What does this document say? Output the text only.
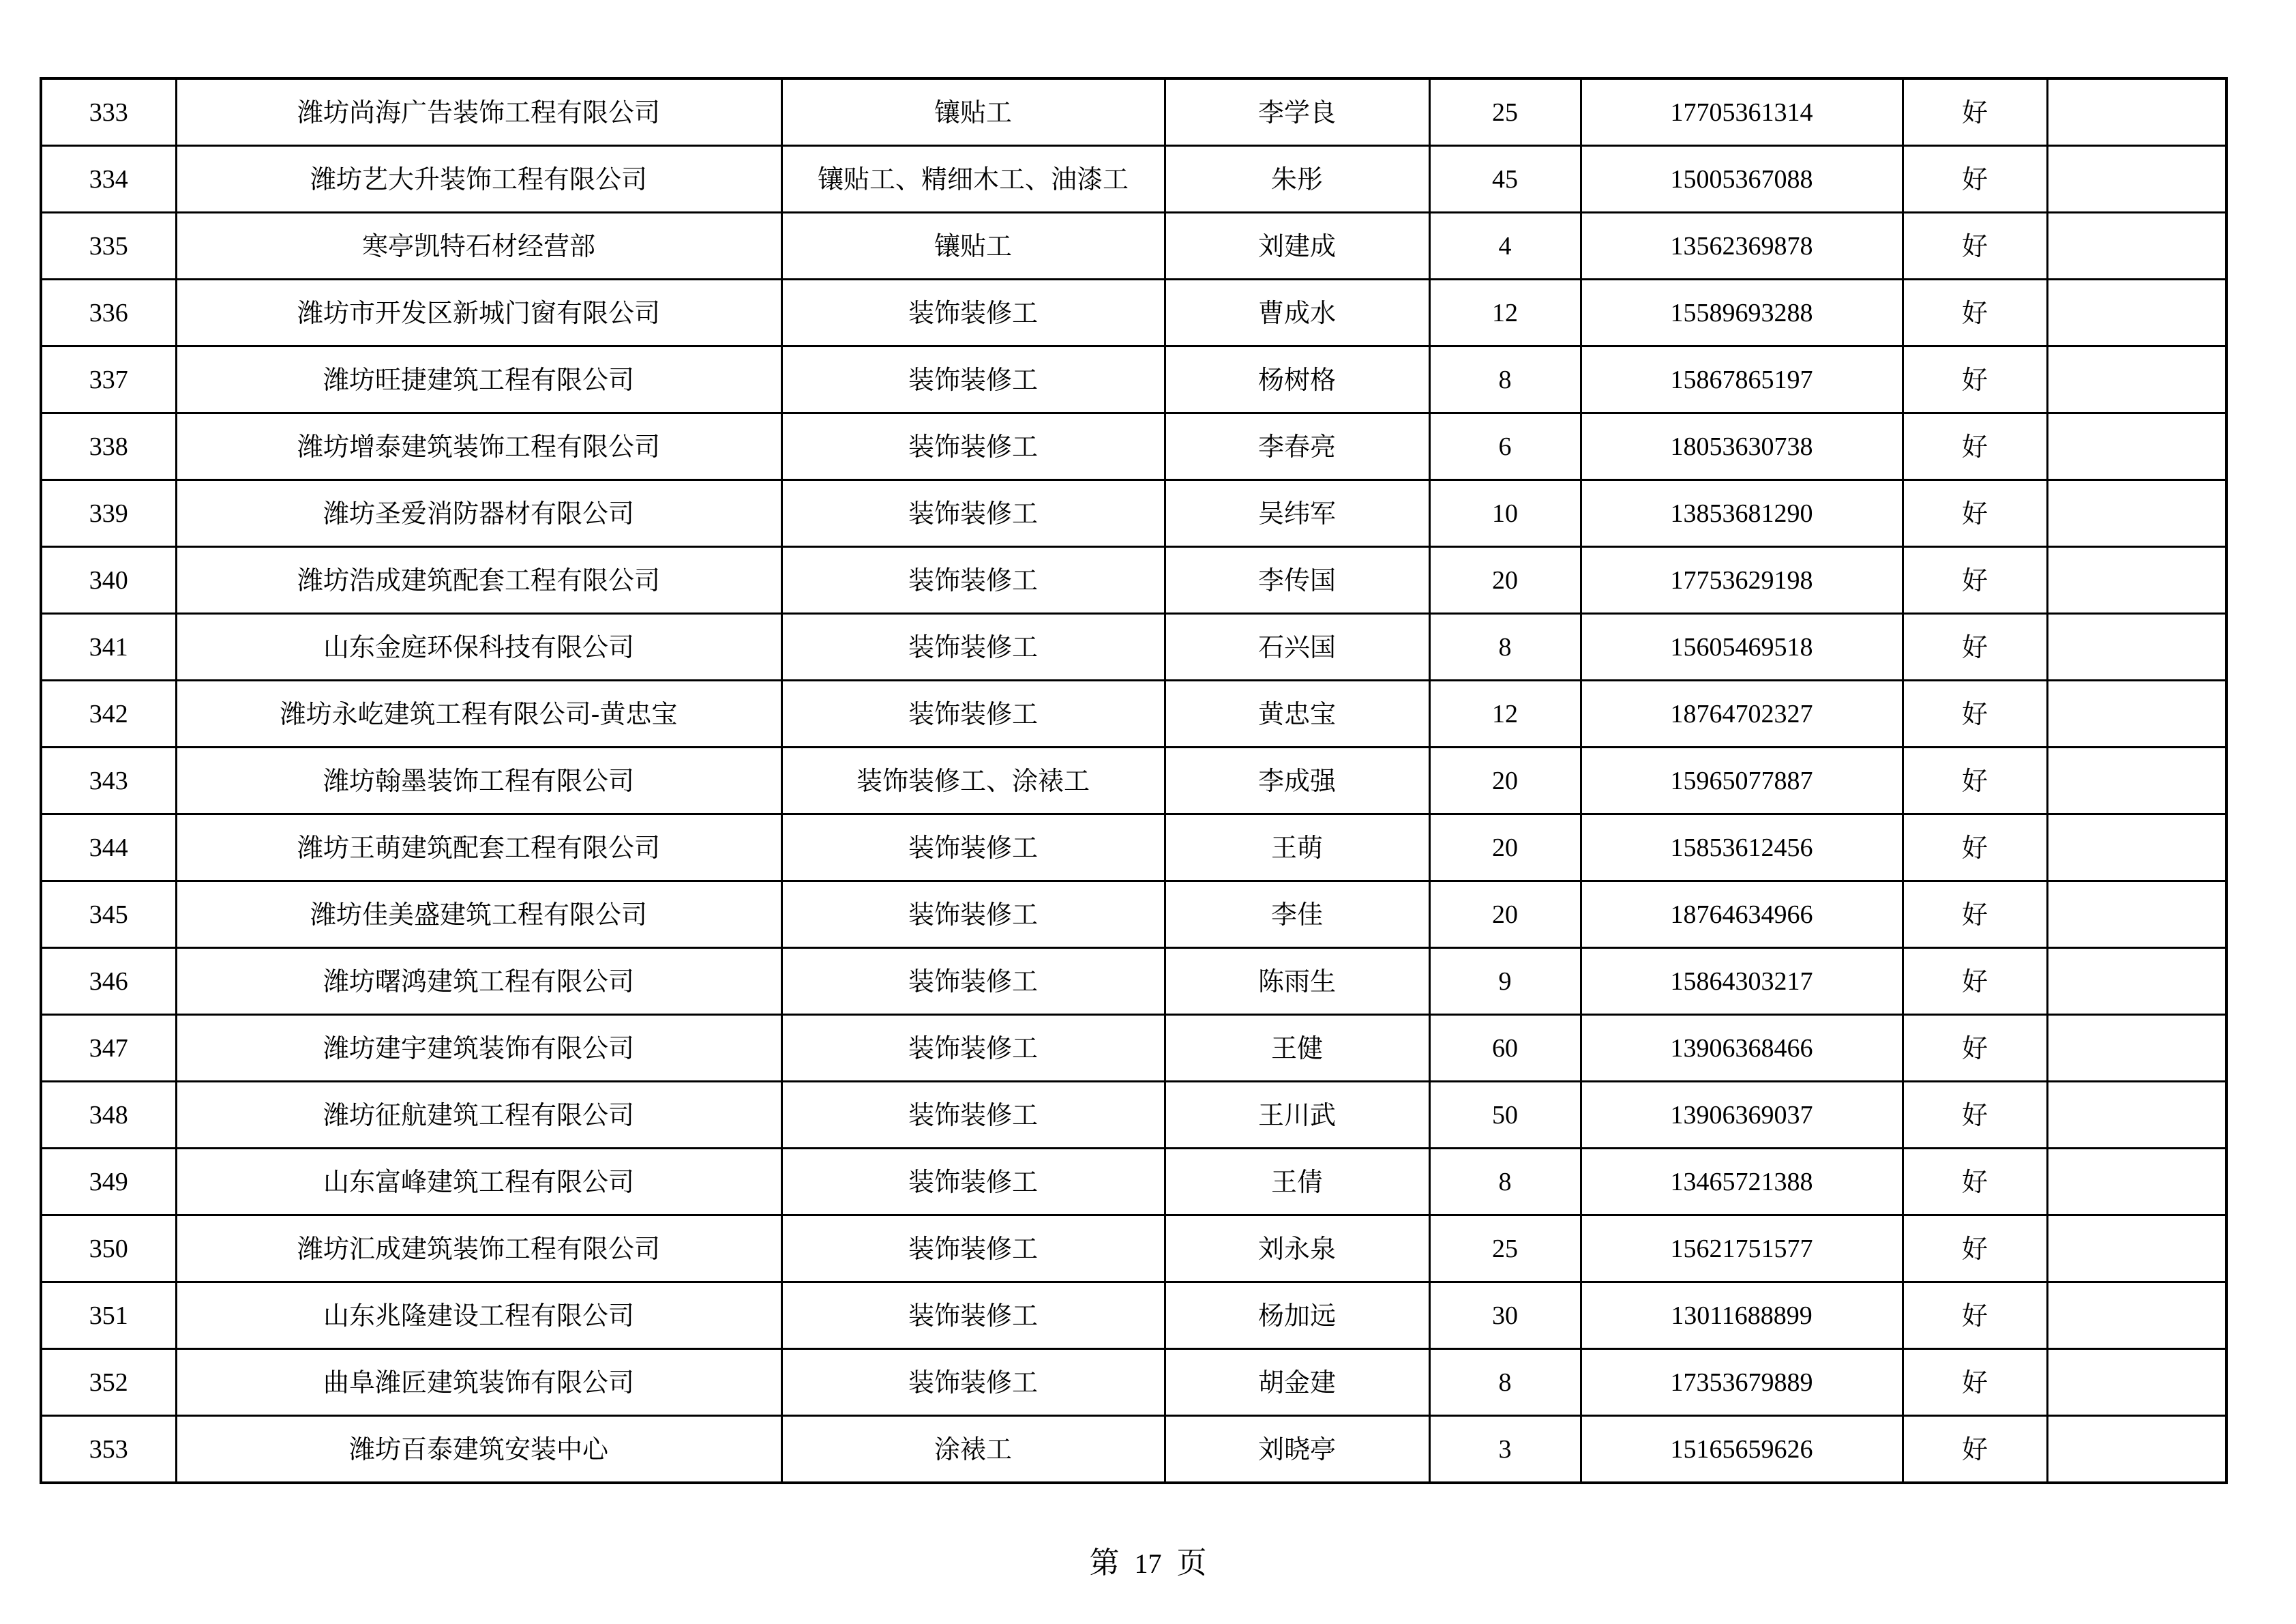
333	潍坊尚海广告装饰工程有限公司	镶贴工	李学良	25	17705361314	好	
334	潍坊艺大升装饰工程有限公司	镶贴工、精细木工、油漆工	朱彤	45	15005367088	好	
335	寒亭凯特石材经营部	镶贴工	刘建成	4	13562369878	好	
336	潍坊市开发区新城门窗有限公司	装饰装修工	曹成水	12	15589693288	好	
337	潍坊旺捷建筑工程有限公司	装饰装修工	杨树格	8	15867865197	好	
338	潍坊增泰建筑装饰工程有限公司	装饰装修工	李春亮	6	18053630738	好	
339	潍坊圣爱消防器材有限公司	装饰装修工	吴纬军	10	13853681290	好	
340	潍坊浩成建筑配套工程有限公司	装饰装修工	李传国	20	17753629198	好	
341	山东金庭环保科技有限公司	装饰装修工	石兴国	8	15605469518	好	
342	潍坊永屹建筑工程有限公司-黄忠宝	装饰装修工	黄忠宝	12	18764702327	好	
343	潍坊翰墨装饰工程有限公司	装饰装修工、涂裱工	李成强	20	15965077887	好	
344	潍坊王萌建筑配套工程有限公司	装饰装修工	王萌	20	15853612456	好	
345	潍坊佳美盛建筑工程有限公司	装饰装修工	李佳	20	18764634966	好	
346	潍坊曙鸿建筑工程有限公司	装饰装修工	陈雨生	9	15864303217	好	
347	潍坊建宇建筑装饰有限公司	装饰装修工	王健	60	13906368466	好	
348	潍坊征航建筑工程有限公司	装饰装修工	王川武	50	13906369037	好	
349	山东富峰建筑工程有限公司	装饰装修工	王倩	8	13465721388	好	
350	潍坊汇成建筑装饰工程有限公司	装饰装修工	刘永泉	25	15621751577	好	
351	山东兆隆建设工程有限公司	装饰装修工	杨加远	30	13011688899	好	
352	曲阜潍匠建筑装饰有限公司	装饰装修工	胡金建	8	17353679889	好	
353	潍坊百泰建筑安装中心	涂裱工	刘晓亭	3	15165659626	好	
第 17 页
